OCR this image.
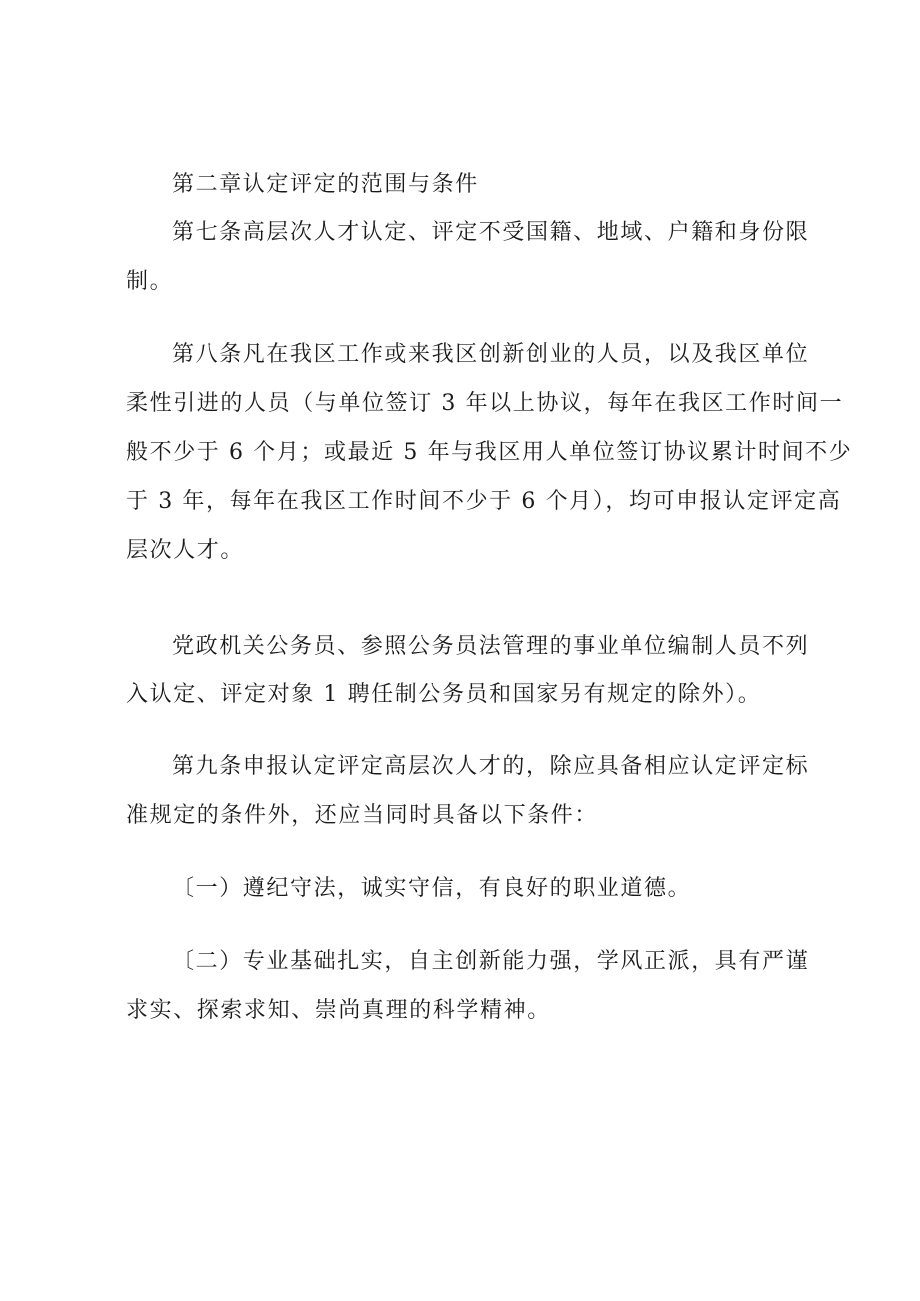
第二章认定评定的范围与条件
第七条高层次人才认定、评定不受国籍、地域、户籍和身份限
制。
第八条凡在我区工作或来我区创新创业的人员，以及我区单位
柔性引进的人员（与单位签订 3 年以上协议，每年在我区工作时间一
般不少于 6 个月；或最近 5 年与我区用人单位签订协议累计时间不少
于 3 年，每年在我区工作时间不少于 6 个月），均可申报认定评定高
层次人才。
党政机关公务员、参照公务员法管理的事业单位编制人员不列
入认定、评定对象 1 聘任制公务员和国家另有规定的除外）。
第九条申报认定评定高层次人才的，除应具备相应认定评定标
准规定的条件外，还应当同时具备以下条件：
〔一）遵纪守法，诚实守信，有良好的职业道德。
〔二）专业基础扎实，自主创新能力强，学风正派，具有严谨
求实、探索求知、崇尚真理的科学精神。
